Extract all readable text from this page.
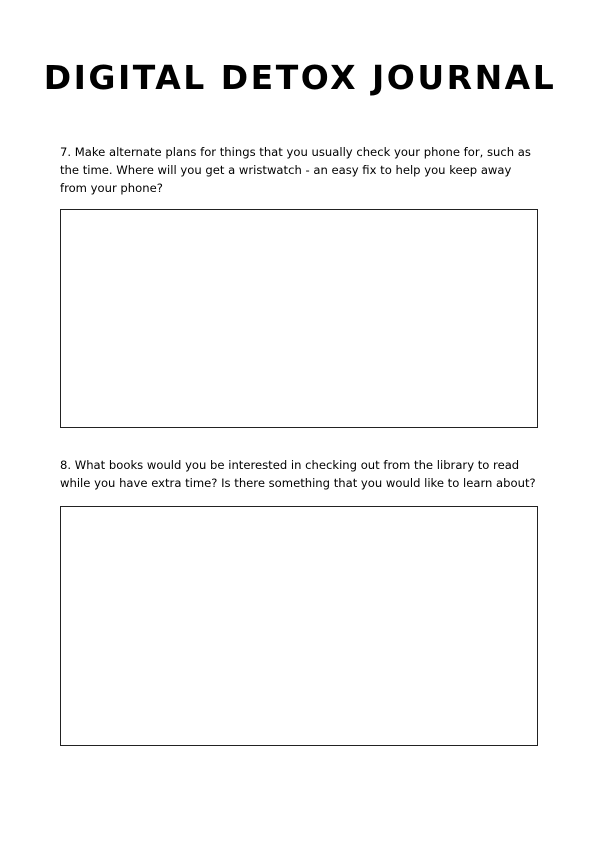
DIGITAL DETOX JOURNAL

7. Make alternate plans for things that you usually check your phone for, such as the time. Where will you get a wristwatch - an easy fix to help you keep away from your phone?

8. What books would you be interested in checking out from the library to read while you have extra time? Is there something that you would like to learn about?
